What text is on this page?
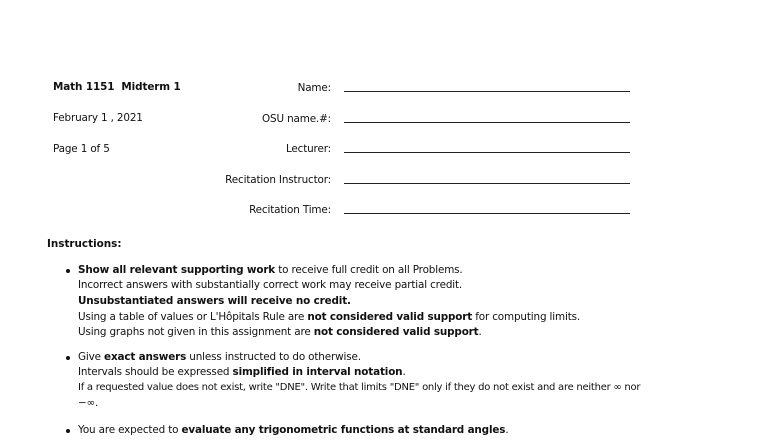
Math 1151 Midterm 1
February 1 , 2021
Page 1 of 5
Name:
OSU name.#:
Lecturer:
Recitation Instructor:
Recitation Time:
Instructions:
Show all relevant supporting work to receive full credit on all Problems.
Incorrect answers with substantially correct work may receive partial credit.
Unsubstantiated answers will receive no credit.
Using a table of values or L'Hôpitals Rule are not considered valid support for computing limits.
Using graphs not given in this assignment are not considered valid support.
Give exact answers unless instructed to do otherwise.
Intervals should be expressed simplified in interval notation.
If a requested value does not exist, write "DNE". Write that limits "DNE" only if they do not exist and are neither ∞ nor
−∞.
You are expected to evaluate any trigonometric functions at standard angles.
